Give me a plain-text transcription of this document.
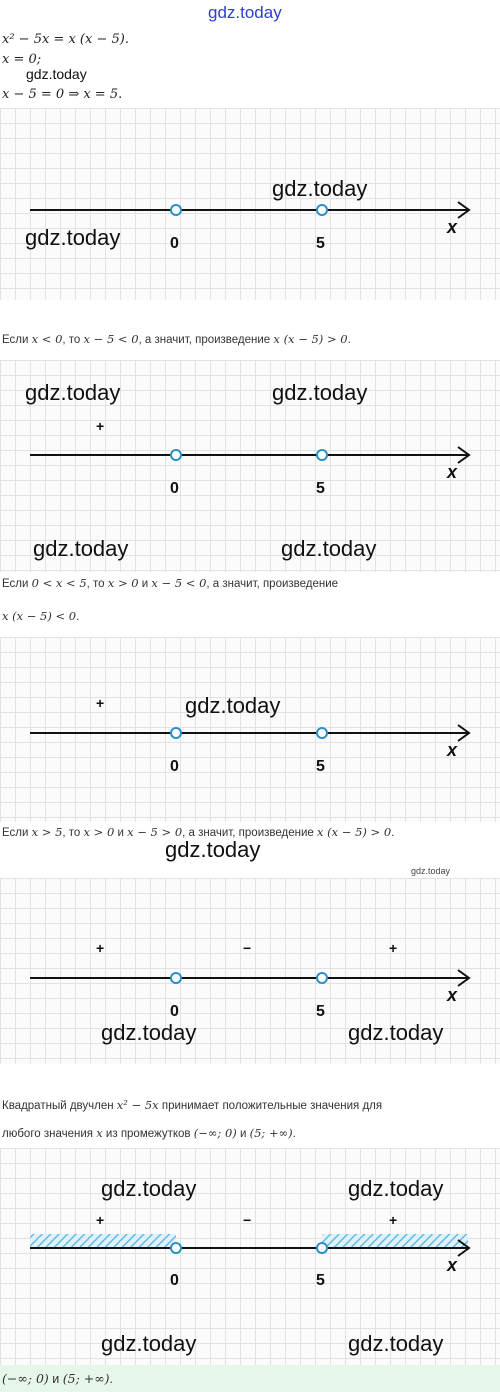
gdz.today
x² − 5x = x (x − 5).
x = 0;
gdz.today
x − 5 = 0 ⇒ x = 5.
0	5
x
gdz.today
gdz.today
Если x < 0, то x − 5 < 0, а значит, произведение x (x − 5) > 0.
0	5
x
+
gdz.today	gdz.today
gdz.today	gdz.today
Если 0 < x < 5, то x > 0 и x − 5 < 0, а значит, произведение
x (x − 5) < 0.
0	5
x
+	gdz.today
Если x > 5, то x > 0 и x − 5 > 0, а значит, произведение x (x − 5) > 0.
gdz.today
0	5
x
+	−	+
gdz.today
gdz.today	gdz.today
Квадратный двучлен x² − 5x принимает положительные значения для
любого значения x из промежутков (−∞; 0) и (5; +∞).
0	5
x
+	−	+
gdz.today	gdz.today
gdz.today	gdz.today
(−∞; 0) и (5; +∞).
